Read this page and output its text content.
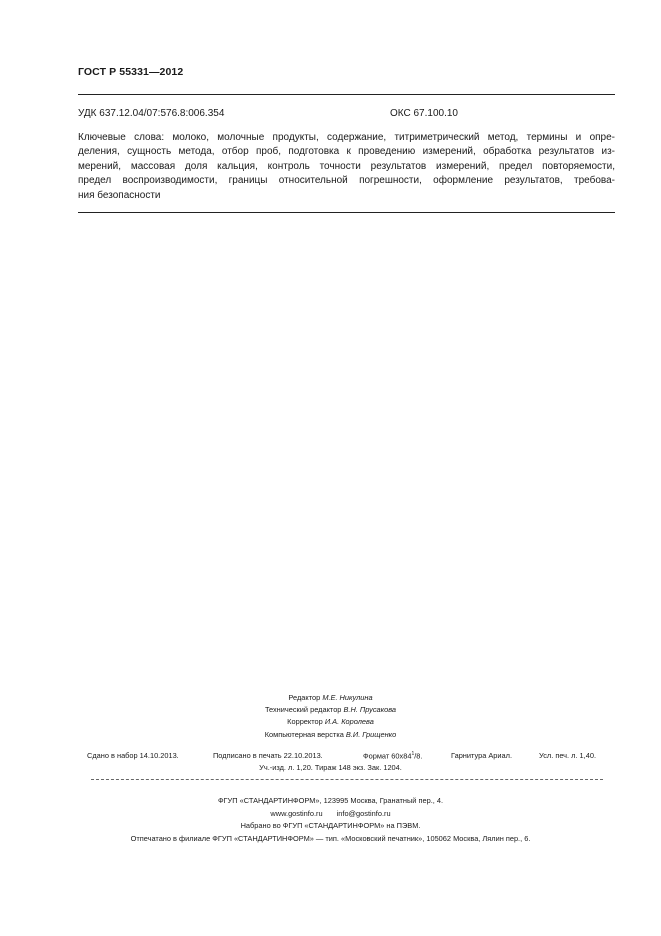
ГОСТ Р 55331—2012
УДК 637.12.04/07:576.8:006.354	ОКС 67.100.10
Ключевые слова: молоко, молочные продукты, содержание, титриметрический метод, термины и опре-
деления, сущность метода, отбор проб, подготовка к проведению измерений, обработка результатов из-
мерений, массовая доля кальция, контроль точности результатов измерений, предел повторяемости,
предел воспроизводимости, границы относительной погрешности, оформление результатов, требова-
ния безопасности
Редактор М.Е. Никулина
Технический редактор В.Н. Прусакова
Корректор И.А. Королева
Компьютерная верстка В.И. Грищенко
Сдано в набор 14.10.2013.	Подписано в печать 22.10.2013.	Формат $60x84^1/8$.	Гарнитура Ариал.	Усл. печ. л. 1,40.
Уч.-изд. л. 1,20. Тираж 148 экз. Зак. 1204.
ФГУП «СТАНДАРТИНФОРМ», 123995 Москва, Гранатный пер., 4.
www.gostinfo.ru info@gostinfo.ru
Набрано во ФГУП «СТАНДАРТИНФОРМ» на ПЭВМ.
Отпечатано в филиале ФГУП «СТАНДАРТИНФОРМ» — тип. «Московский печатник», 105062 Москва, Лялин пер., 6.
